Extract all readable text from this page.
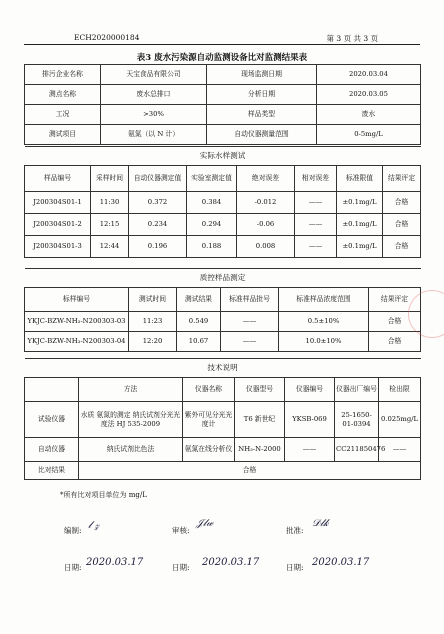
ECH2020000184	第 3 页 共 3 页
表3 废水污染源自动监测设备比对监测结果表
排污企业名称	天宝食品有限公司	现场监测日期	2020.03.04
测点名称	废水总排口	分析日期	2020.03.05
工况	>30%	样品类型	废水
测试项目	氨氮（以 N 计）	自动仪器测量范围	0-5mg/L
实际水样测试							
样品编号	采样时间	自动仪器测定值	实验室测定值	绝对误差	相对误差	标准限值	结果评定
J200304S01-1	11:30	0.372	0.384	-0.012	——	±0.1mg/L	合格
J200304S01-2	12:15	0.234	0.294	-0.06	——	±0.1mg/L	合格
J200304S01-3	12:44	0.196	0.188	0.008	——	±0.1mg/L	合格
质控样品测定					
标样编号	测试时间	测试结果	标准样品批号	标准样品浓度范围	结果评定
YKJC-BZW-NH₃-N200303-03	11:23	0.549	——	0.5±10%	合格
YKJC-BZW-NH₃-N200303-04	12:20	10.67	——	10.0±10%	合格
技术说明						
	方法	仪器名称	仪器型号	仪器编号	仪器出厂编号	检出限
试验仪器	水质 氨氮的测定 纳氏试剂分光光度法 HJ 535-2009	紫外可见分光光度计	T6 新世纪	YKSB-069	25-1650-01-0394	0.025mg/L
自动仪器	纳氏试剂比色法	氨氮在线分析仪	NH₃-N-2000	——	CC211850476	——
比对结果	合格					
*所有比对项目单位为 mg/L
编制: 𝓁 𝓏	审核:
𝒥𝓁𝓌
批准:
𝒟𝓁𝓀
日期: 2020.03.17	日期: 2020.03.17	日期: 2020.03.17
